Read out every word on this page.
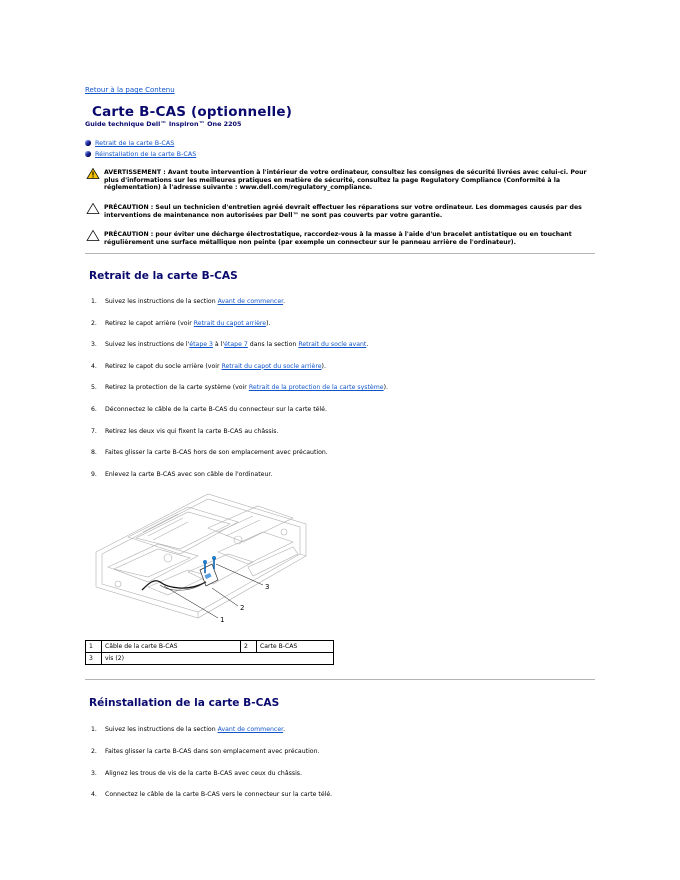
Retour à la page Contenu
Carte B-CAS (optionnelle)
Guide technique Dell™ Inspiron™ One 2205
Retrait de la carte B-CAS
Réinstallation de la carte B-CAS
AVERTISSEMENT : Avant toute intervention à l'intérieur de votre ordinateur, consultez les consignes de sécurité livrées avec celui-ci. Pour plus d'informations sur les meilleures pratiques en matière de sécurité, consultez la page Regulatory Compliance (Conformité à la réglementation) à l'adresse suivante : www.dell.com/regulatory_compliance.
PRÉCAUTION : Seul un technicien d'entretien agréé devrait effectuer les réparations sur votre ordinateur. Les dommages causés par des interventions de maintenance non autorisées par Dell™ ne sont pas couverts par votre garantie.
PRÉCAUTION : pour éviter une décharge électrostatique, raccordez-vous à la masse à l'aide d'un bracelet antistatique ou en touchant régulièrement une surface métallique non peinte (par exemple un connecteur sur le panneau arrière de l'ordinateur).
Retrait de la carte B-CAS
1. Suivez les instructions de la section Avant de commencer.
2. Retirez le capot arrière (voir Retrait du capot arrière).
3. Suivez les instructions de l'étape 3 à l'étape 7 dans la section Retrait du socle avant.
4. Retirez le capot du socle arrière (voir Retrait du capot du socle arrière).
5. Retirez la protection de la carte système (voir Retrait de la protection de la carte système).
6. Déconnectez le câble de la carte B-CAS du connecteur sur la carte télé.
7. Retirez les deux vis qui fixent la carte B-CAS au châssis.
8. Faites glisser la carte B-CAS hors de son emplacement avec précaution.
9. Enlevez la carte B-CAS avec son câble de l'ordinateur.
1
2
3
1	Câble de la carte B-CAS	2	Carte B-CAS
3	vis (2)		
Réinstallation de la carte B-CAS
1. Suivez les instructions de la section Avant de commencer.
2. Faites glisser la carte B-CAS dans son emplacement avec précaution.
3. Alignez les trous de vis de la carte B-CAS avec ceux du châssis.
4. Connectez le câble de la carte B-CAS vers le connecteur sur la carte télé.
